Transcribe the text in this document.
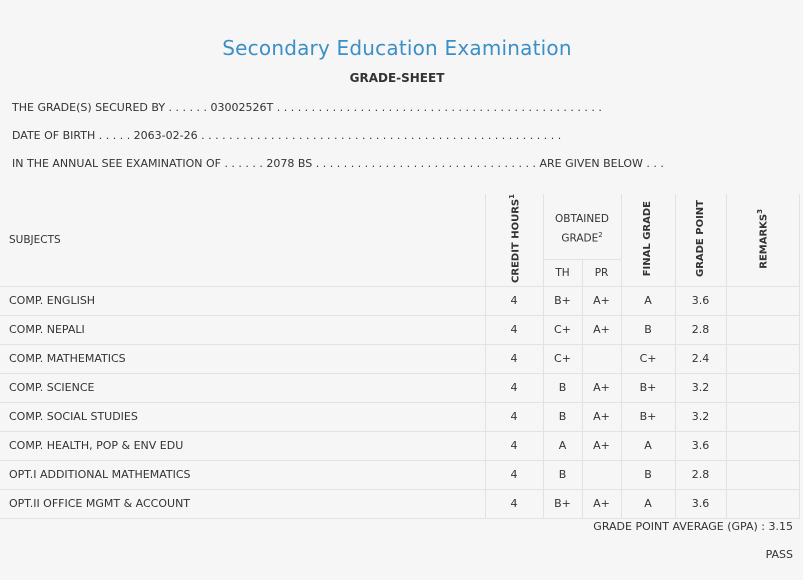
Secondary Education Examination
GRADE-SHEET
THE GRADE(S) SECURED BY . . . . . . 03002526T . . . . . . . . . . . . . . . . . . . . . . . . . . . . . . . . . . . . . . . . . . . . . . .
DATE OF BIRTH . . . . . 2063-02-26 . . . . . . . . . . . . . . . . . . . . . . . . . . . . . . . . . . . . . . . . . . . . . . . . . . . .
IN THE ANNUAL SEE EXAMINATION OF . . . . . . 2078 BS . . . . . . . . . . . . . . . . . . . . . . . . . . . . . . . . ARE GIVEN BELOW . . .
SUBJECTS	CREDIT HOURS$^1$	OBTAINED GRADE$^2$		FINAL GRADE	GRADE POINT	REMARKS$^3$
		TH	PR			
COMP. ENGLISH	4	B+	A+	A	3.6	
COMP. NEPALI	4	C+	A+	B	2.8	
COMP. MATHEMATICS	4	C+		C+	2.4	
COMP. SCIENCE	4	B	A+	B+	3.2	
COMP. SOCIAL STUDIES	4	B	A+	B+	3.2	
COMP. HEALTH, POP & ENV EDU	4	A	A+	A	3.6	
OPT.I ADDITIONAL MATHEMATICS	4	B		B	2.8	
OPT.II OFFICE MGMT & ACCOUNT	4	B+	A+	A	3.6	
GRADE POINT AVERAGE (GPA) : 3.15
PASS
